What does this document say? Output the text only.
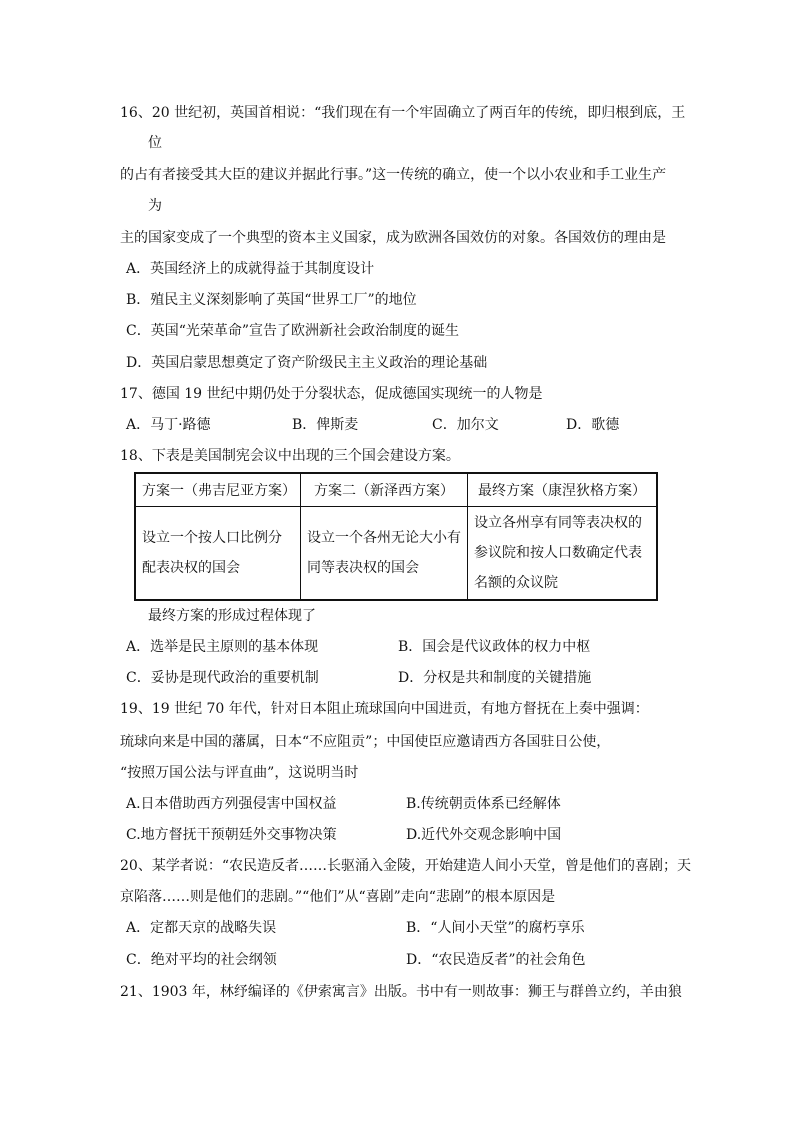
16、20 世纪初，英国首相说：“我们现在有一个牢固确立了两百年的传统，即归根到底，王
位
的占有者接受其大臣的建议并据此行事。”这一传统的确立，使一个以小农业和手工业生产
为
主的国家变成了一个典型的资本主义国家，成为欧洲各国效仿的对象。各国效仿的理由是
A．英国经济上的成就得益于其制度设计
B．殖民主义深刻影响了英国“世界工厂”的地位
C．英国“光荣革命”宣告了欧洲新社会政治制度的诞生
D．英国启蒙思想奠定了资产阶级民主主义政治的理论基础
17、德国 19 世纪中期仍处于分裂状态，促成德国实现统一的人物是
A．马丁·路德	B．俾斯麦	C．加尔文	D．歌德
18、下表是美国制宪会议中出现的三个国会建设方案。
方案一（弗吉尼亚方案）	方案二（新泽西方案）	最终方案（康涅狄格方案）
设立一个按人口比例分配表决权的国会	设立一个各州无论大小有同等表决权的国会	设立各州享有同等表决权的参议院和按人口数确定代表名额的众议院
最终方案的形成过程体现了
A．选举是民主原则的基本体现	B．国会是代议政体的权力中枢
C．妥协是现代政治的重要机制	D．分权是共和制度的关键措施
19、19 世纪 70 年代，针对日本阻止琉球国向中国进贡，有地方督抚在上奏中强调：
琉球向来是中国的藩属，日本“不应阻贡”；中国使臣应邀请西方各国驻日公使，
“按照万国公法与评直曲”，这说明当时
A.日本借助西方列强侵害中国权益	B.传统朝贡体系已经解体
C.地方督抚干预朝廷外交事物决策	D.近代外交观念影响中国
20、某学者说：“农民造反者……长驱涌入金陵，开始建造人间小天堂，曾是他们的喜剧；天
京陷落……则是他们的悲剧。”“他们”从“喜剧”走向“悲剧”的根本原因是
A．定都天京的战略失误	B．“人间小天堂”的腐朽享乐
C．绝对平均的社会纲领	D．“农民造反者”的社会角色
21、1903 年，林纾编译的《伊索寓言》出版。书中有一则故事：狮王与群兽立约，羊由狼
